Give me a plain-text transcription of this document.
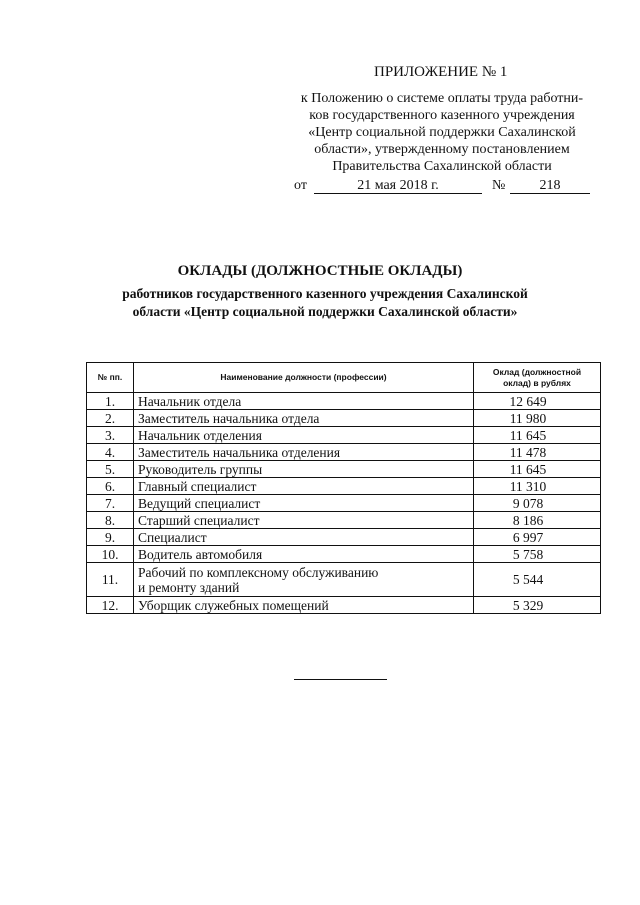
ПРИЛОЖЕНИЕ № 1
к Положению о системе оплаты труда работни-
ков государственного казенного учреждения
«Центр социальной поддержки Сахалинской
области», утвержденному постановлением
Правительства Сахалинской области
от	21 мая 2018 г.	№	218
ОКЛАДЫ (ДОЛЖНОСТНЫЕ ОКЛАДЫ)
работников государственного казенного учреждения Сахалинской
области «Центр социальной поддержки Сахалинской области»
№ пп.	Наименование должности (профессии)	Оклад (должностной
оклад) в рублях

1.	Начальник отдела	12 649
2.	Заместитель начальника отдела	11 980
3.	Начальник отделения	11 645
4.	Заместитель начальника отделения	11 478
5.	Руководитель группы	11 645
6.	Главный специалист	11 310
7.	Ведущий специалист	9 078
8.	Старший специалист	8 186
9.	Специалист	6 997
10.	Водитель автомобиля	5 758
11.	Рабочий по комплексному обслуживанию
и ремонту зданий	5 544
12.	Уборщик служебных помещений	5 329
